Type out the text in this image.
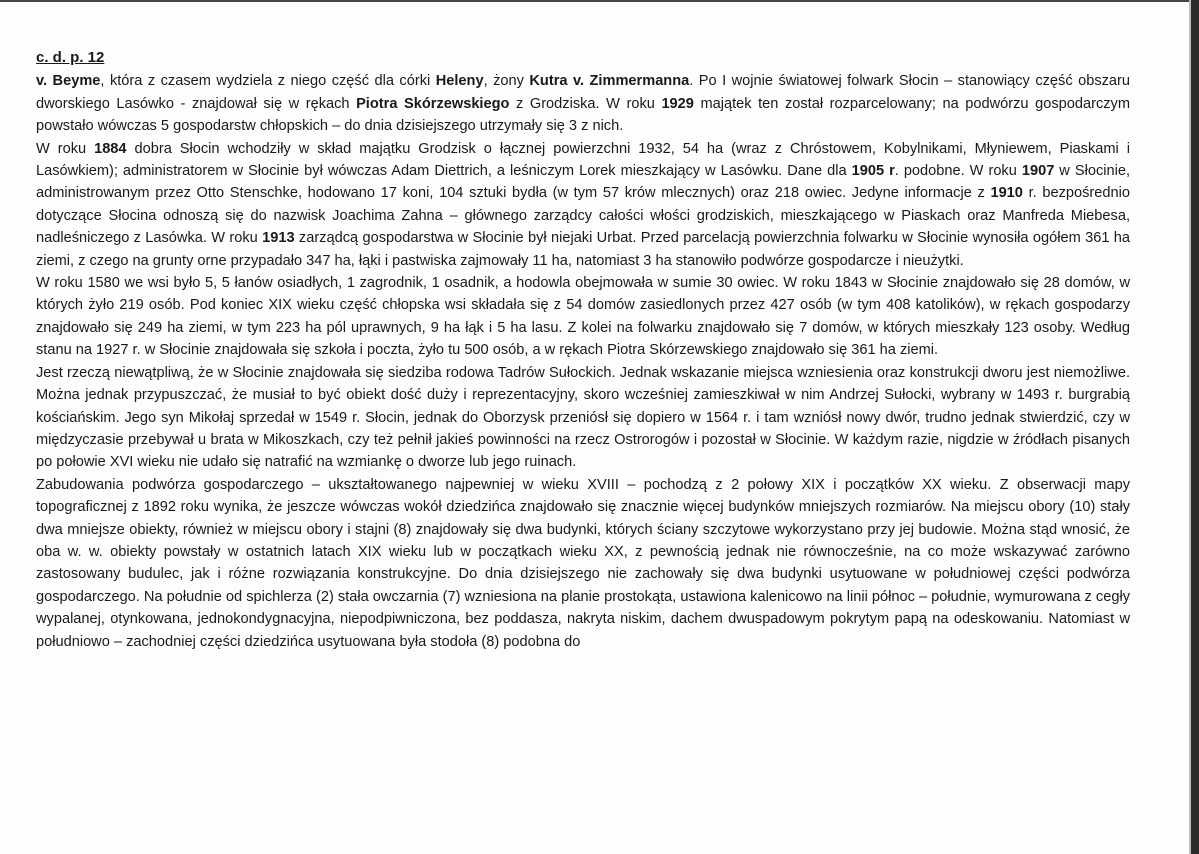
c. d. p. 12

v. Beyme, która z czasem wydziela z niego część dla córki Heleny, żony Kutra v. Zimmermanna. Po I wojnie światowej folwark Słocin – stanowiący część obszaru dworskiego Lasówko - znajdował się w rękach Piotra Skórzewskiego z Grodziska. W roku 1929 majątek ten został rozparcelowany; na podwórzu gospodarczym powstało wówczas 5 gospodarstw chłopskich – do dnia dzisiejszego utrzymały się 3 z nich.

W roku 1884 dobra Słocin wchodziły w skład majątku Grodzisk o łącznej powierzchni 1932, 54 ha (wraz z Chróstowem, Kobylnikami, Młyniewem, Piaskami i Lasówkiem); administratorem w Słocinie był wówczas Adam Diettrich, a leśniczym Lorek mieszkający w Lasówku. Dane dla 1905 r. podobne. W roku 1907 w Słocinie, administrowanym przez Otto Stenschke, hodowano 17 koni, 104 sztuki bydła (w tym 57 krów mlecznych) oraz 218 owiec. Jedyne informacje z 1910 r. bezpośrednio dotyczące Słocina odnoszą się do nazwisk Joachima Zahna – głównego zarządcy całości włości grodziskich, mieszkającego w Piaskach oraz Manfreda Miebesa, nadleśniczego z Lasówka. W roku 1913 zarządcą gospodarstwa w Słocinie był niejaki Urbat. Przed parcelacją powierzchnia folwarku w Słocinie wynosiła ogółem 361 ha ziemi, z czego na grunty orne przypadało 347 ha, łąki i pastwiska zajmowały 11 ha, natomiast 3 ha stanowiło podwórze gospodarcze i nieużytki.

W roku 1580 we wsi było 5, 5 łanów osiadłych, 1 zagrodnik, 1 osadnik, a hodowla obejmowała w sumie 30 owiec. W roku 1843 w Słocinie znajdowało się 28 domów, w których żyło 219 osób. Pod koniec XIX wieku część chłopska wsi składała się z 54 domów zasiedlonych przez 427 osób (w tym 408 katolików), w rękach gospodarzy znajdowało się 249 ha ziemi, w tym 223 ha pól uprawnych, 9 ha łąk i 5 ha lasu. Z kolei na folwarku znajdowało się 7 domów, w których mieszkały 123 osoby. Według stanu na 1927 r. w Słocinie znajdowała się szkoła i poczta, żyło tu 500 osób, a w rękach Piotra Skórzewskiego znajdowało się 361 ha ziemi.

Jest rzeczą niewątpliwą, że w Słocinie znajdowała się siedziba rodowa Tadrów Sułockich. Jednak wskazanie miejsca wzniesienia oraz konstrukcji dworu jest niemożliwe. Można jednak przypuszczać, że musiał to być obiekt dość duży i reprezentacyjny, skoro wcześniej zamieszkiwał w nim Andrzej Sułocki, wybrany w 1493 r. burgrabią kościańskim. Jego syn Mikołaj sprzedał w 1549 r. Słocin, jednak do Oborzysk przeniósł się dopiero w 1564 r. i tam wzniósł nowy dwór, trudno jednak stwierdzić, czy w międzyczasie przebywał u brata w Mikoszkach, czy też pełnił jakieś powinności na rzecz Ostrorogów i pozostał w Słocinie. W każdym razie, nigdzie w źródłach pisanych po połowie XVI wieku nie udało się natrafić na wzmiankę o dworze lub jego ruinach.

Zabudowania podwórza gospodarczego – ukształtowanego najpewniej w wieku XVIII – pochodzą z 2 połowy XIX i początków XX wieku. Z obserwacji mapy topograficznej z 1892 roku wynika, że jeszcze wówczas wokół dziedzińca znajdowało się znacznie więcej budynków mniejszych rozmiarów. Na miejscu obory (10) stały dwa mniejsze obiekty, również w miejscu obory i stajni (8) znajdowały się dwa budynki, których ściany szczytowe wykorzystano przy jej budowie. Można stąd wnosić, że oba w. w. obiekty powstały w ostatnich latach XIX wieku lub w początkach wieku XX, z pewnością jednak nie równocześnie, na co może wskazywać zarówno zastosowany budulec, jak i różne rozwiązania konstrukcyjne. Do dnia dzisiejszego nie zachowały się dwa budynki usytuowane w południowej części podwórza gospodarczego. Na południe od spichlerza (2) stała owczarnia (7) wzniesiona na planie prostokąta, ustawiona kalenicowo na linii północ – południe, wymurowana z cegły wypalanej, otynkowana, jednokondygnacyjna, niepodpiwniczona, bez poddasza, nakryta niskim, dachem dwuspadowym pokrytym papą na odeskowaniu. Natomiast w południowo – zachodniej części dziedzińca usytuowana była stodoła (8) podobna do
